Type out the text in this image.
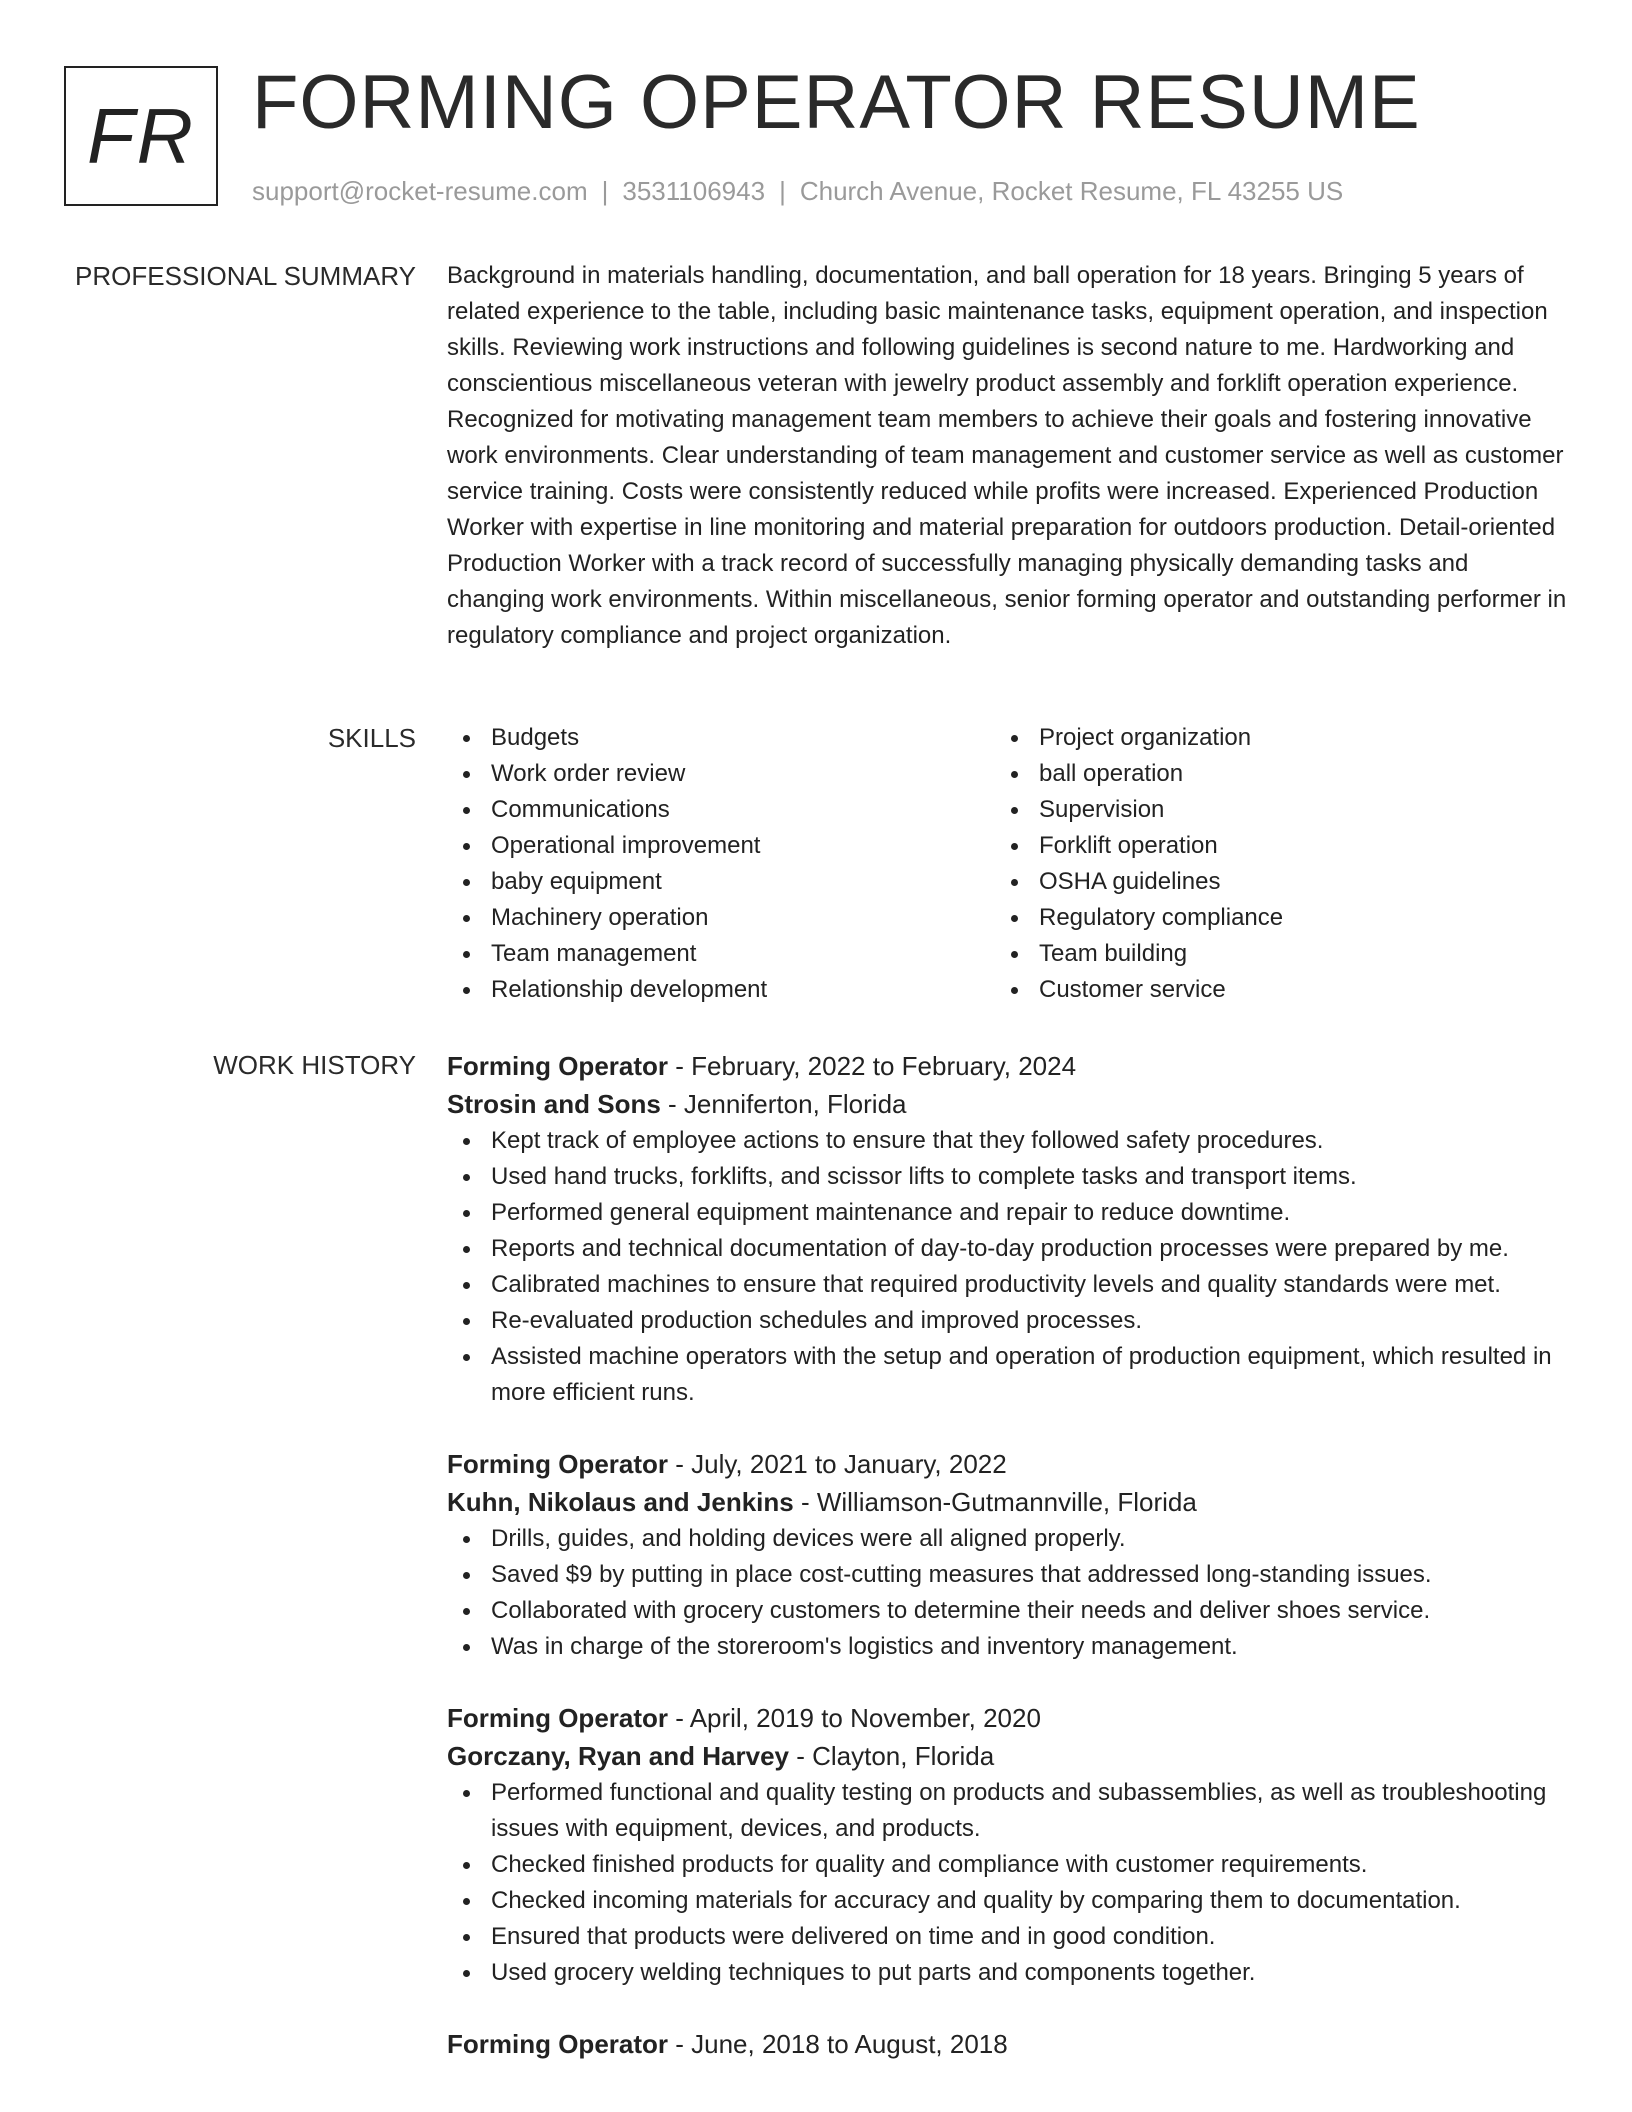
FR FORMING OPERATOR RESUME
support@rocket-resume.com | 3531106943 | Church Avenue, Rocket Resume, FL 43255 US
PROFESSIONAL SUMMARY Background in materials handling, documentation, and ball operation for 18 years. Bringing 5 years of related experience to the table, including basic maintenance tasks, equipment operation, and inspection skills. Reviewing work instructions and following guidelines is second nature to me. Hardworking and conscientious miscellaneous veteran with jewelry product assembly and forklift operation experience. Recognized for motivating management team members to achieve their goals and fostering innovative work environments. Clear understanding of team management and customer service as well as customer service training. Costs were consistently reduced while profits were increased. Experienced Production Worker with expertise in line monitoring and material preparation for outdoors production. Detail-oriented Production Worker with a track record of successfully managing physically demanding tasks and changing work environments. Within miscellaneous, senior forming operator and outstanding performer in regulatory compliance and project organization.

SKILLS	Budgets
Work order review
Communications
Operational improvement
baby equipment
Machinery operation
Team management
Relationship development
Project organization
ball operation
Supervision
Forklift operation
OSHA guidelines
Regulatory compliance
Team building
Customer service
WORK HISTORY Forming Operator - February, 2022 to February, 2024
Strosin and Sons - Jenniferton, Florida
Kept track of employee actions to ensure that they followed safety procedures.
Used hand trucks, forklifts, and scissor lifts to complete tasks and transport items.
Performed general equipment maintenance and repair to reduce downtime.
Reports and technical documentation of day-to-day production processes were prepared by me.
Calibrated machines to ensure that required productivity levels and quality standards were met.
Re-evaluated production schedules and improved processes.
Assisted machine operators with the setup and operation of production equipment, which resulted in more efficient runs.
Forming Operator - July, 2021 to January, 2022
Kuhn, Nikolaus and Jenkins - Williamson-Gutmannville, Florida
Drills, guides, and holding devices were all aligned properly.
Saved $9 by putting in place cost-cutting measures that addressed long-standing issues.
Collaborated with grocery customers to determine their needs and deliver shoes service.
Was in charge of the storeroom's logistics and inventory management.
Forming Operator - April, 2019 to November, 2020
Gorczany, Ryan and Harvey - Clayton, Florida
Performed functional and quality testing on products and subassemblies, as well as troubleshooting issues with equipment, devices, and products.
Checked finished products for quality and compliance with customer requirements.
Checked incoming materials for accuracy and quality by comparing them to documentation.
Ensured that products were delivered on time and in good condition.
Used grocery welding techniques to put parts and components together.
Forming Operator - June, 2018 to August, 2018
